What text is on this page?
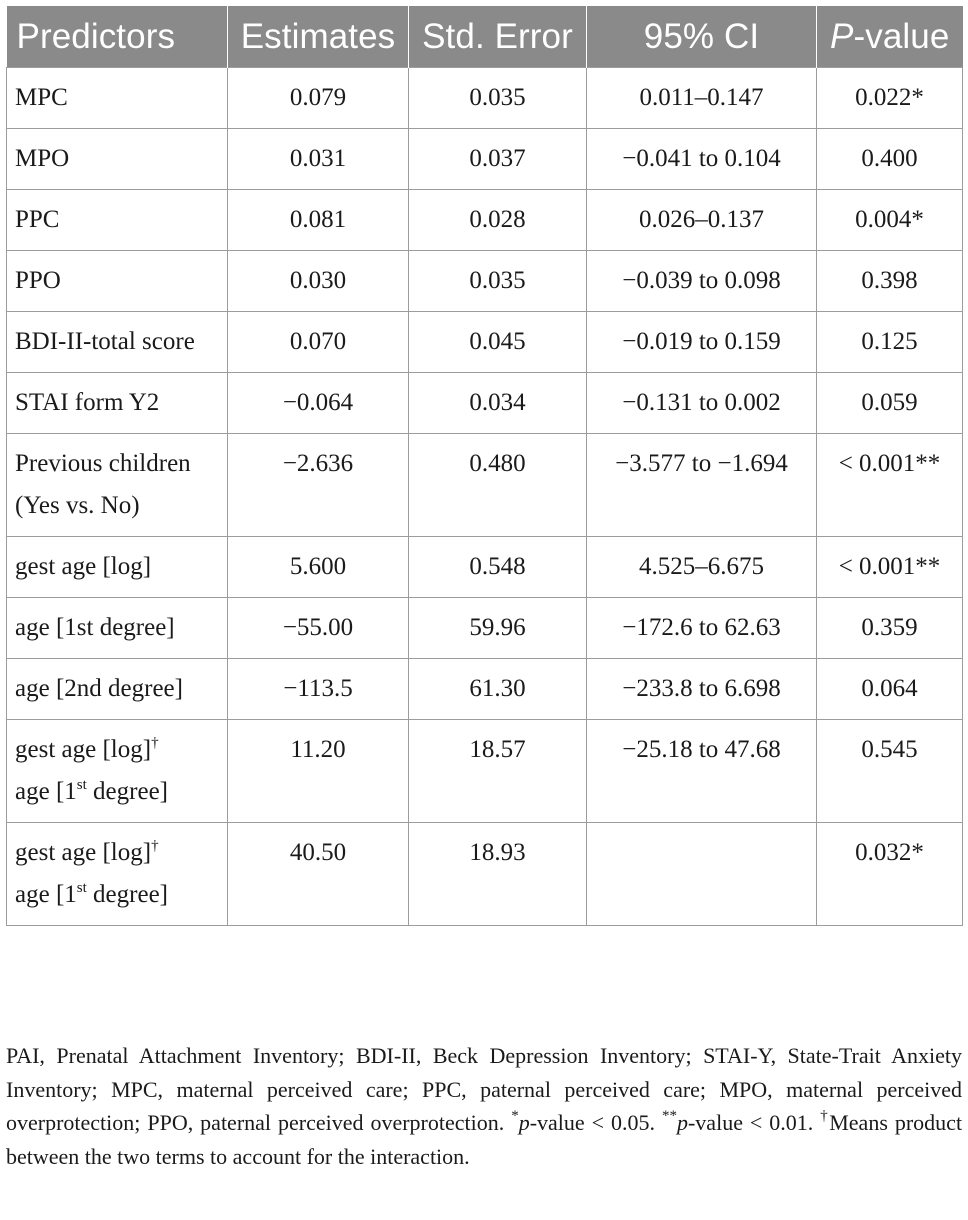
Predictors	Estimates	Std. Error	95% CI	P-value
MPC	0.079	0.035	0.011–0.147	0.022*
MPO	0.031	0.037	−0.041 to 0.104	0.400
PPC	0.081	0.028	0.026–0.137	0.004*
PPO	0.030	0.035	−0.039 to 0.098	0.398
BDI-II-total score	0.070	0.045	−0.019 to 0.159	0.125
STAI form Y2	−0.064	0.034	−0.131 to 0.002	0.059
Previous children (Yes vs. No)	−2.636	0.480	−3.577 to −1.694	< 0.001**
gest age [log]	5.600	0.548	4.525–6.675	< 0.001**
age [1st degree]	−55.00	59.96	−172.6 to 62.63	0.359
age [2nd degree]	−113.5	61.30	−233.8 to 6.698	0.064
gest age [log]†
age [1st degree]	11.20	18.57	−25.18 to 47.68	0.545
gest age [log]†
age [1st degree]	40.50	18.93		0.032*
PAI, Prenatal Attachment Inventory; BDI-II, Beck Depression Inventory; STAI-Y, State-Trait Anxiety Inventory; MPC, maternal perceived care; PPC, paternal perceived care; MPO, maternal perceived overprotection; PPO, paternal perceived overprotection. *p-value < 0.05. **p-value < 0.01. †Means product between the two terms to account for the interaction.
